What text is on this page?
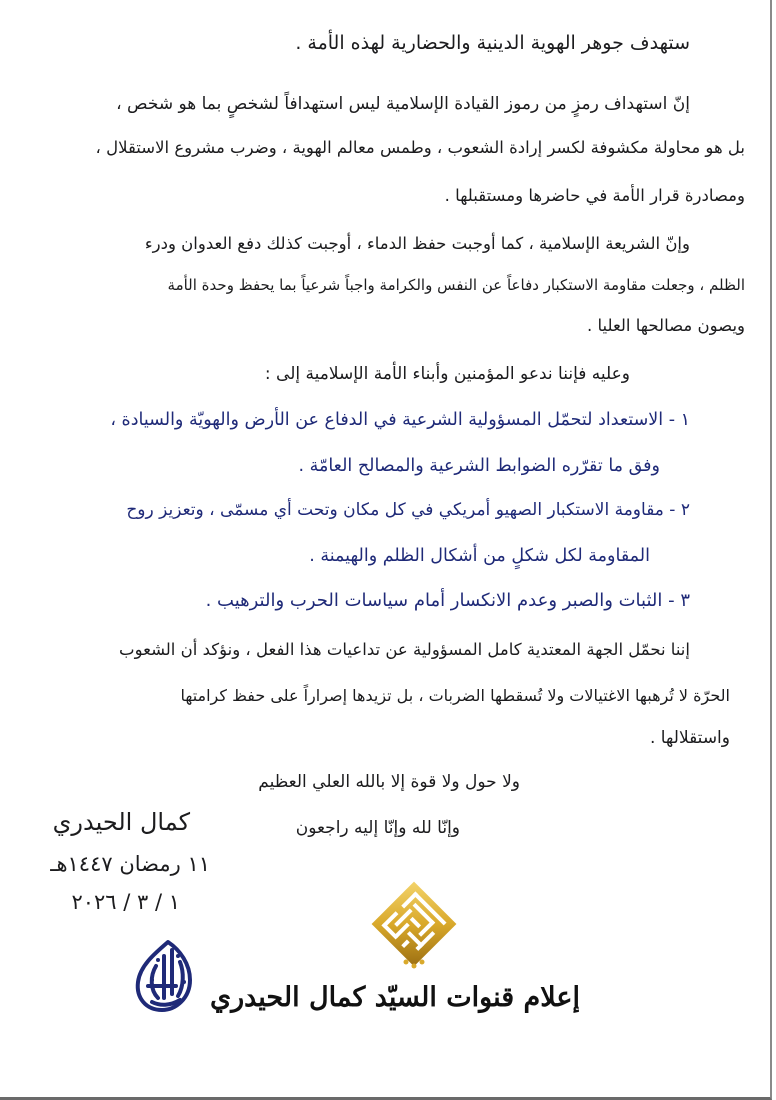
ستهدف جوهر الهوية الدينية والحضارية لهذه الأمة .
إنّ استهداف رمزٍ من رموز القيادة الإسلامية ليس استهدافاً لشخصٍ بما هو شخص ،
بل هو محاولة مكشوفة لكسر إرادة الشعوب ، وطمس معالم الهوية ، وضرب مشروع الاستقلال ،
ومصادرة قرار الأمة في حاضرها ومستقبلها .
وإنّ الشريعة الإسلامية ، كما أوجبت حفظ الدماء ، أوجبت كذلك دفع العدوان ودرء
الظلم ، وجعلت مقاومة الاستكبار دفاعاً عن النفس والكرامة واجباً شرعياً بما يحفظ وحدة الأمة
ويصون مصالحها العليا .
وعليه فإننا ندعو المؤمنين وأبناء الأمة الإسلامية إلى :
١ - الاستعداد لتحمّل المسؤولية الشرعية في الدفاع عن الأرض والهويّة والسيادة ،
وفق ما تقرّره الضوابط الشرعية والمصالح العامّة .
٢ - مقاومة الاستكبار الصهيو أمريكي في كل مكان وتحت أي مسمّى ، وتعزيز روح
المقاومة لكل شكلٍ من أشكال الظلم والهيمنة .
٣ - الثبات والصبر وعدم الانكسار أمام سياسات الحرب والترهيب .
إننا نحمّل الجهة المعتدية كامل المسؤولية عن تداعيات هذا الفعل ، ونؤكد أن الشعوب
الحرّة لا تُرهبها الاغتيالات ولا تُسقطها الضربات ، بل تزيدها إصراراً على حفظ كرامتها
واستقلالها .
ولا حول ولا قوة إلا بالله العلي العظيم
وإنّا لله وإنّا إليه راجعون
كمال الحيدري
١١ رمضان ١٤٤٧هـ
١ / ٣ / ٢٠٢٦
إعلام قنوات السيّد كمال الحيدري
